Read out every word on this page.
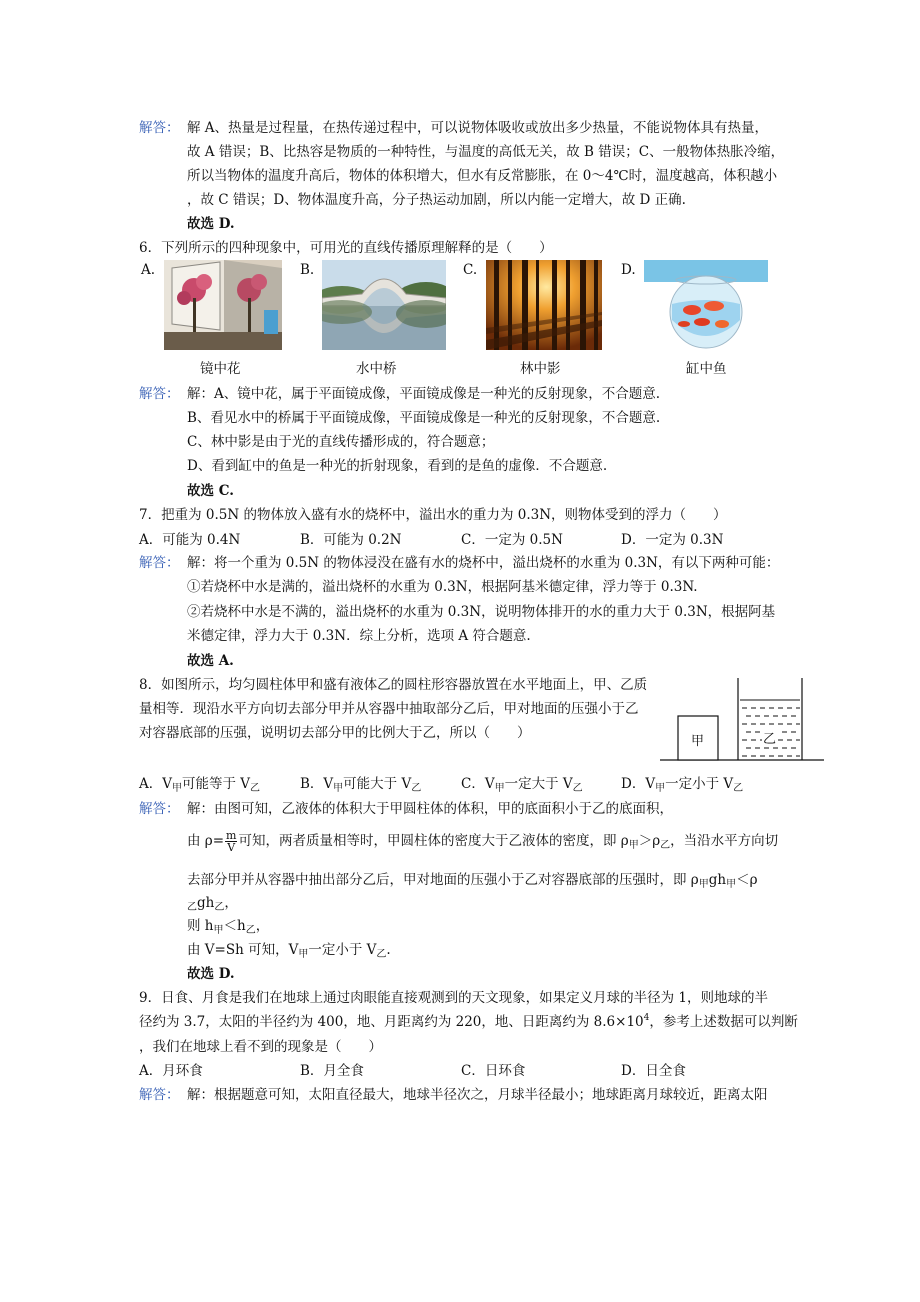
解答： 解 A、热量是过程量，在热传递过程中，可以说物体吸收或放出多少热量，不能说物体具有热量，
故 A 错误；B、比热容是物质的一种特性，与温度的高低无关，故 B 错误；C、一般物体热胀冷缩，
所以当物体的温度升高后，物体的体积增大，但水有反常膨胀，在 0～4℃时，温度越高，体积越小
，故 C 错误；D、物体温度升高，分子热运动加剧，所以内能一定增大，故 D 正确.
故选 D.
6．下列所示的四种现象中，可用光的直线传播原理解释的是（　　）
A.	B.	C.	D.
镜中花	水中桥	林中影	缸中鱼
解答： 解：A、镜中花，属于平面镜成像，平面镜成像是一种光的反射现象，不合题意.
B、看见水中的桥属于平面镜成像，平面镜成像是一种光的反射现象，不合题意.
C、林中影是由于光的直线传播形成的，符合题意；
D、看到缸中的鱼是一种光的折射现象，看到的是鱼的虚像．不合题意.
故选 C.
7．把重为 0.5N 的物体放入盛有水的烧杯中，溢出水的重力为 0.3N，则物体受到的浮力（　　）
A．可能为 0.4N	B．可能为 0.2N	C．一定为 0.5N	D．一定为 0.3N
解答： 解：将一个重为 0.5N 的物体浸没在盛有水的烧杯中，溢出烧杯的水重为 0.3N，有以下两种可能：
①若烧杯中水是满的，溢出烧杯的水重为 0.3N，根据阿基米德定律，浮力等于 0.3N.
②若烧杯中水是不满的，溢出烧杯的水重为 0.3N，说明物体排开的水的重力大于 0.3N，根据阿基
米德定律，浮力大于 0.3N．综上分析，选项 A 符合题意.
故选 A.
8．如图所示，均匀圆柱体甲和盛有液体乙的圆柱形容器放置在水平地面上，甲、乙质
量相等．现沿水平方向切去部分甲并从容器中抽取部分乙后，甲对地面的压强小于乙
对容器底部的压强，说明切去部分甲的比例大于乙，所以（　　）
甲	乙
A．$V_甲$可能等于 $V_乙$	B．$V_甲$可能大于 $V_乙$	C．$V_甲$一定大于 $V_乙$	D．$V_甲$一定小于 $V_乙$
解答： 解：由图可知，乙液体的体积大于甲圆柱体的体积，甲的底面积小于乙的底面积，
由 $\rho= \frac{m}{V}$ 可知，两者质量相等时，甲圆柱体的密度大于乙液体的密度，即 $\rho_甲>\rho_乙$，当沿水平方向切
去部分甲并从容器中抽出部分乙后，甲对地面的压强小于乙对容器底部的压强时，即 $\rho_甲gh_甲<\rho$
$_乙gh_乙$，
则 $h_甲<h_乙$，
由 V=Sh 可知，$V_甲$一定小于 $V_乙$.
故选 D.
9．日食、月食是我们在地球上通过肉眼能直接观测到的天文现象，如果定义月球的半径为 1，则地球的半
径约为 3.7，太阳的半径约为 400，地、月距离约为 220，地、日距离约为 $8.6\times 10^4$，参考上述数据可以判断
，我们在地球上看不到的现象是（　　）
A．月环食	B．月全食	C．日环食	D．日全食
解答： 解：根据题意可知，太阳直径最大，地球半径次之，月球半径最小；地球距离月球较近，距离太阳
